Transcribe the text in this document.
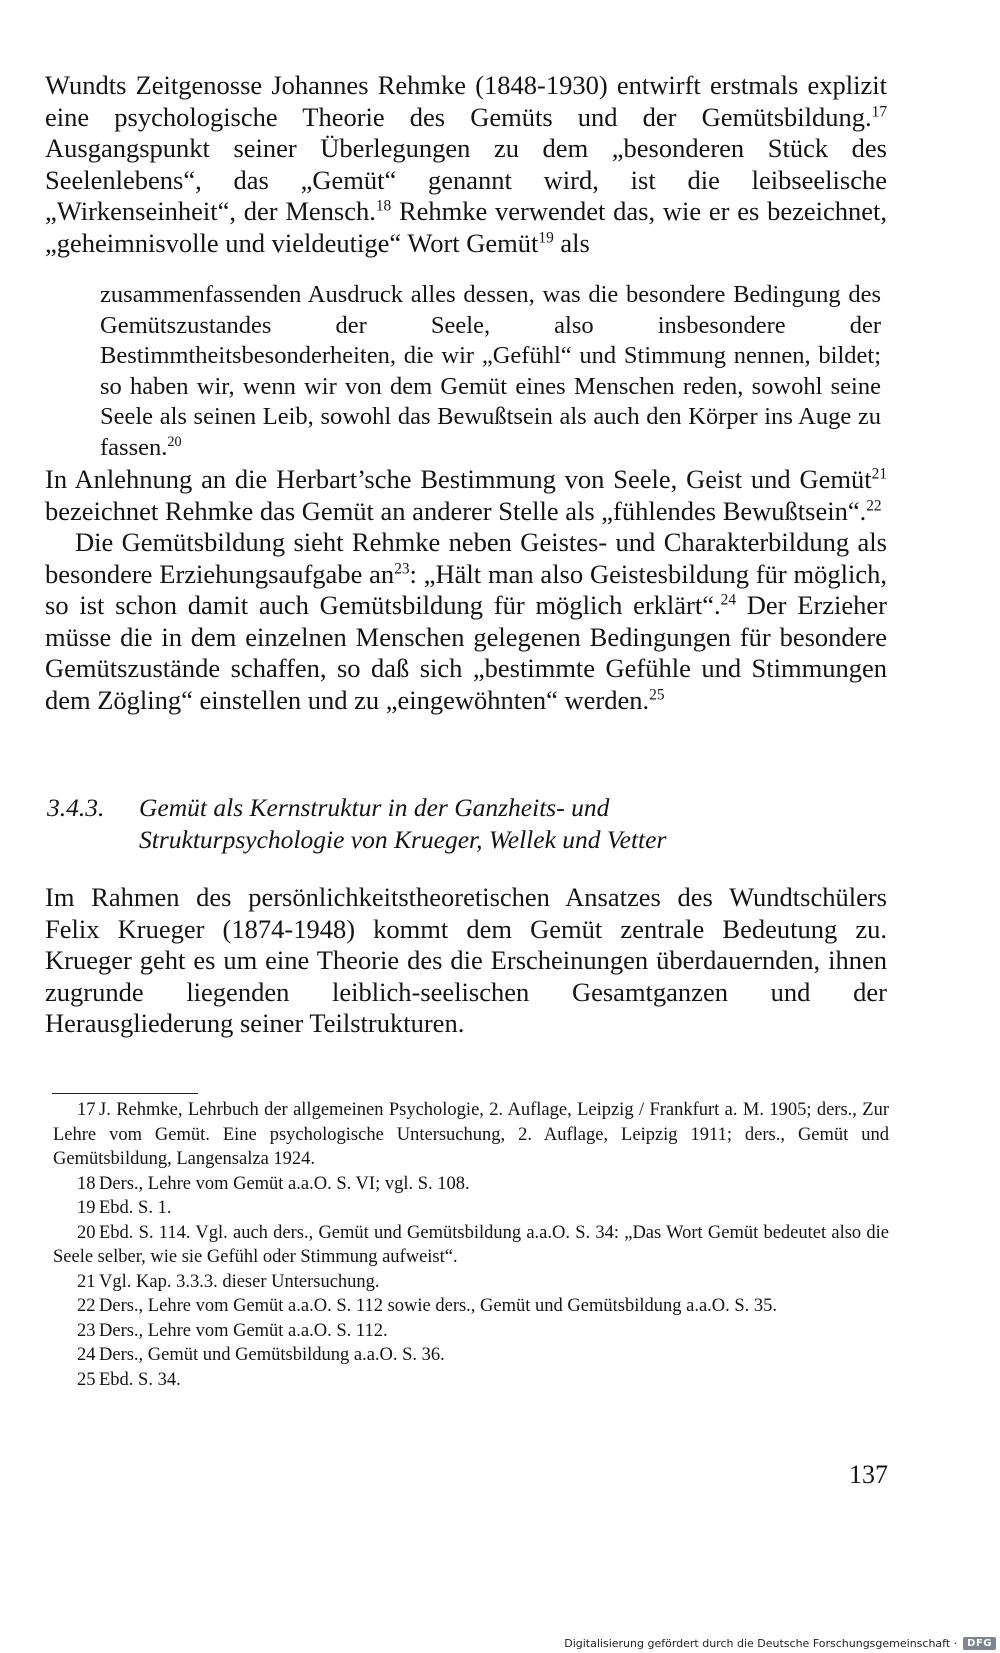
Wundts Zeitgenosse Johannes Rehmke (1848-1930) entwirft erstmals explizit eine psychologische Theorie des Gemüts und der Gemütsbildung.$^{17}$ Ausgangspunkt seiner Überlegungen zu dem „besonderen Stück des Seelenlebens“, das „Gemüt“ genannt wird, ist die leibseelische „Wirkenseinheit“, der Mensch.$^{18}$ Rehmke verwendet das, wie er es bezeichnet, „geheimnisvolle und vieldeutige“ Wort Gemüt$^{19}$ als

zusammenfassenden Ausdruck alles dessen, was die besondere Bedingung des Gemütszustandes der Seele, also insbesondere der Bestimmtheitsbesonderheiten, die wir „Gefühl“ und Stimmung nennen, bildet; so haben wir, wenn wir von dem Gemüt eines Menschen reden, sowohl seine Seele als seinen Leib, sowohl das Bewußtsein als auch den Körper ins Auge zu fassen.$^{20}$

In Anlehnung an die Herbart’sche Bestimmung von Seele, Geist und Gemüt$^{21}$ bezeichnet Rehmke das Gemüt an anderer Stelle als „fühlendes Bewußtsein“.$^{22}$

Die Gemütsbildung sieht Rehmke neben Geistes- und Charakterbildung als besondere Erziehungsaufgabe $an^{23}$: „Hält man also Geistesbildung für möglich, so ist schon damit auch Gemütsbildung für möglich erklärt“.$^{24}$ Der Erzieher müsse die in dem einzelnen Menschen gelegenen Bedingungen für besondere Gemütszustände schaffen, so daß sich „bestimmte Gefühle und Stimmungen dem Zögling“ einstellen und zu „eingewöhnten“ werden.$^{25}$

3.4.3. Gemüt als Kernstruktur in der Ganzheits- und
Strukturpsychologie von Krueger, Wellek und Vetter

Im Rahmen des persönlichkeitstheoretischen Ansatzes des Wundtschülers Felix Krueger (1874-1948) kommt dem Gemüt zentrale Bedeutung zu. Krueger geht es um eine Theorie des die Erscheinungen überdauernden, ihnen zugrunde liegenden leiblich-seelischen Gesamtganzen und der Herausgliederung seiner Teilstrukturen.

17 J. Rehmke, Lehrbuch der allgemeinen Psychologie, 2. Auflage, Leipzig / Frankfurt a. M. 1905; ders., Zur Lehre vom Gemüt. Eine psychologische Untersuchung, 2. Auflage, Leipzig 1911; ders., Gemüt und Gemütsbildung, Langensalza 1924.

18 Ders., Lehre vom Gemüt a.a.O. S. VI; vgl. S. 108.

19 Ebd. S. 1.

20 Ebd. S. 114. Vgl. auch ders., Gemüt und Gemütsbildung a.a.O. S. 34: „Das Wort Gemüt bedeutet also die Seele selber, wie sie Gefühl oder Stimmung aufweist“.

21 Vgl. Kap. 3.3.3. dieser Untersuchung.

22 Ders., Lehre vom Gemüt a.a.O. S. 112 sowie ders., Gemüt und Gemütsbildung a.a.O. S. 35.

23 Ders., Lehre vom Gemüt a.a.O. S. 112.

24 Ders., Gemüt und Gemütsbildung a.a.O. S. 36.

25 Ebd. S. 34.

137
Digitalisierung gefördert durch die Deutsche Forschungsgemeinschaft ·	DFG
